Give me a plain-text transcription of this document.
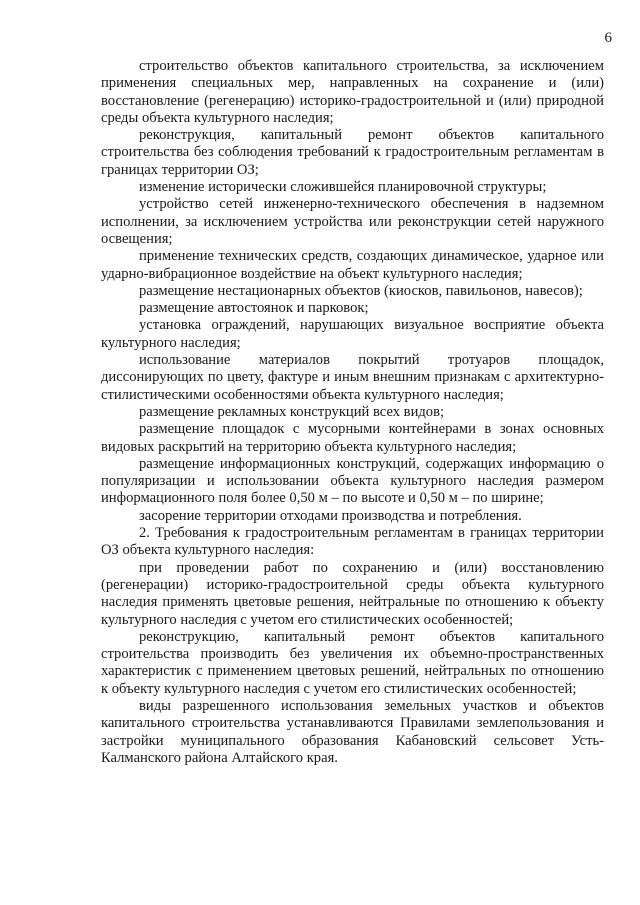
6

строительство объектов капитального строительства, за исключением применения специальных мер, направленных на сохранение и (или) восстановление (регенерацию) историко-градостроительной и (или) природной среды объекта культурного наследия;

реконструкция, капитальный ремонт объектов капитального строительства без соблюдения требований к градостроительным регламентам в границах территории ОЗ;

изменение исторически сложившейся планировочной структуры;

устройство сетей инженерно-технического обеспечения в надземном исполнении, за исключением устройства или реконструкции сетей наружного освещения;

применение технических средств, создающих динамическое, ударное или ударно-вибрационное воздействие на объект культурного наследия;

размещение нестационарных объектов (киосков, павильонов, навесов);

размещение автостоянок и парковок;

установка ограждений, нарушающих визуальное восприятие объекта культурного наследия;

использование материалов покрытий тротуаров площадок, диссонирующих по цвету, фактуре и иным внешним признакам с архитектурно-стилистическими особенностями объекта культурного наследия;

размещение рекламных конструкций всех видов;

размещение площадок с мусорными контейнерами в зонах основных видовых раскрытий на территорию объекта культурного наследия;

размещение информационных конструкций, содержащих информацию о популяризации и использовании объекта культурного наследия размером информационного поля более 0,50 м – по высоте и 0,50 м – по ширине;

засорение территории отходами производства и потребления.

2. Требования к градостроительным регламентам в границах территории ОЗ объекта культурного наследия:

при проведении работ по сохранению и (или) восстановлению (регенерации) историко-градостроительной среды объекта культурного наследия применять цветовые решения, нейтральные по отношению к объекту культурного наследия с учетом его стилистических особенностей;

реконструкцию, капитальный ремонт объектов капитального строительства производить без увеличения их объемно-пространственных характеристик с применением цветовых решений, нейтральных по отношению к объекту культурного наследия с учетом его стилистических особенностей;

виды разрешенного использования земельных участков и объектов капитального строительства устанавливаются Правилами землепользования и застройки муниципального образования Кабановский сельсовет Усть-Калманского района Алтайского края.
